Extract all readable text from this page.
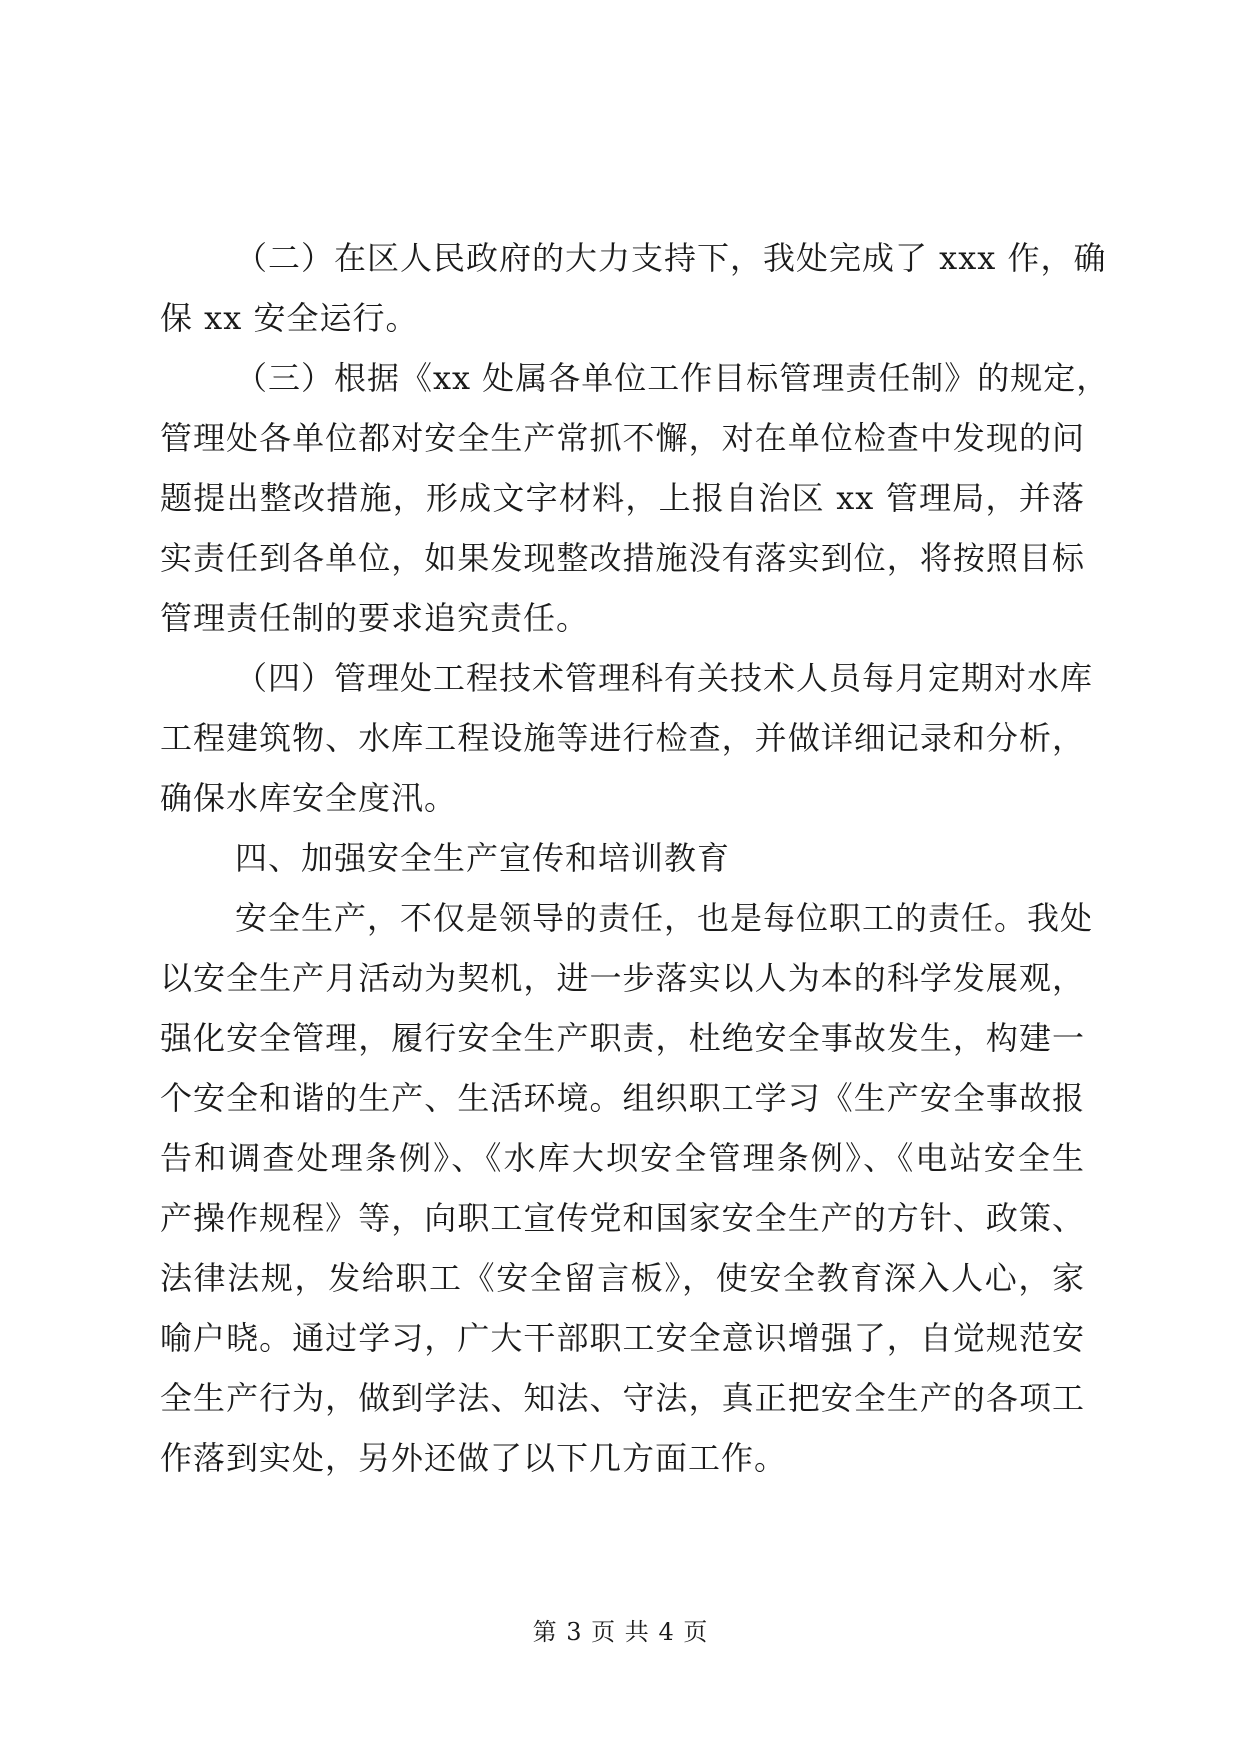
（二）在区人民政府的大力支持下，我处完成了 xxx 作，确
保 xx 安全运行。
（三）根据《xx 处属各单位工作目标管理责任制》的规定，
管理处各单位都对安全生产常抓不懈，对在单位检查中发现的问
题提出整改措施，形成文字材料，上报自治区 xx 管理局，并落
实责任到各单位，如果发现整改措施没有落实到位，将按照目标
管理责任制的要求追究责任。
（四）管理处工程技术管理科有关技术人员每月定期对水库
工程建筑物、水库工程设施等进行检查，并做详细记录和分析，
确保水库安全度汛。
四、加强安全生产宣传和培训教育
安全生产，不仅是领导的责任，也是每位职工的责任。我处
以安全生产月活动为契机，进一步落实以人为本的科学发展观，
强化安全管理，履行安全生产职责，杜绝安全事故发生，构建一
个安全和谐的生产、生活环境。组织职工学习《生产安全事故报
告和调查处理条例》、《水库大坝安全管理条例》、《电站安全生
产操作规程》等，向职工宣传党和国家安全生产的方针、政策、
法律法规，发给职工《安全留言板》，使安全教育深入人心，家
喻户晓。通过学习，广大干部职工安全意识增强了，自觉规范安
全生产行为，做到学法、知法、守法，真正把安全生产的各项工
作落到实处，另外还做了以下几方面工作。
第 3 页 共 4 页
